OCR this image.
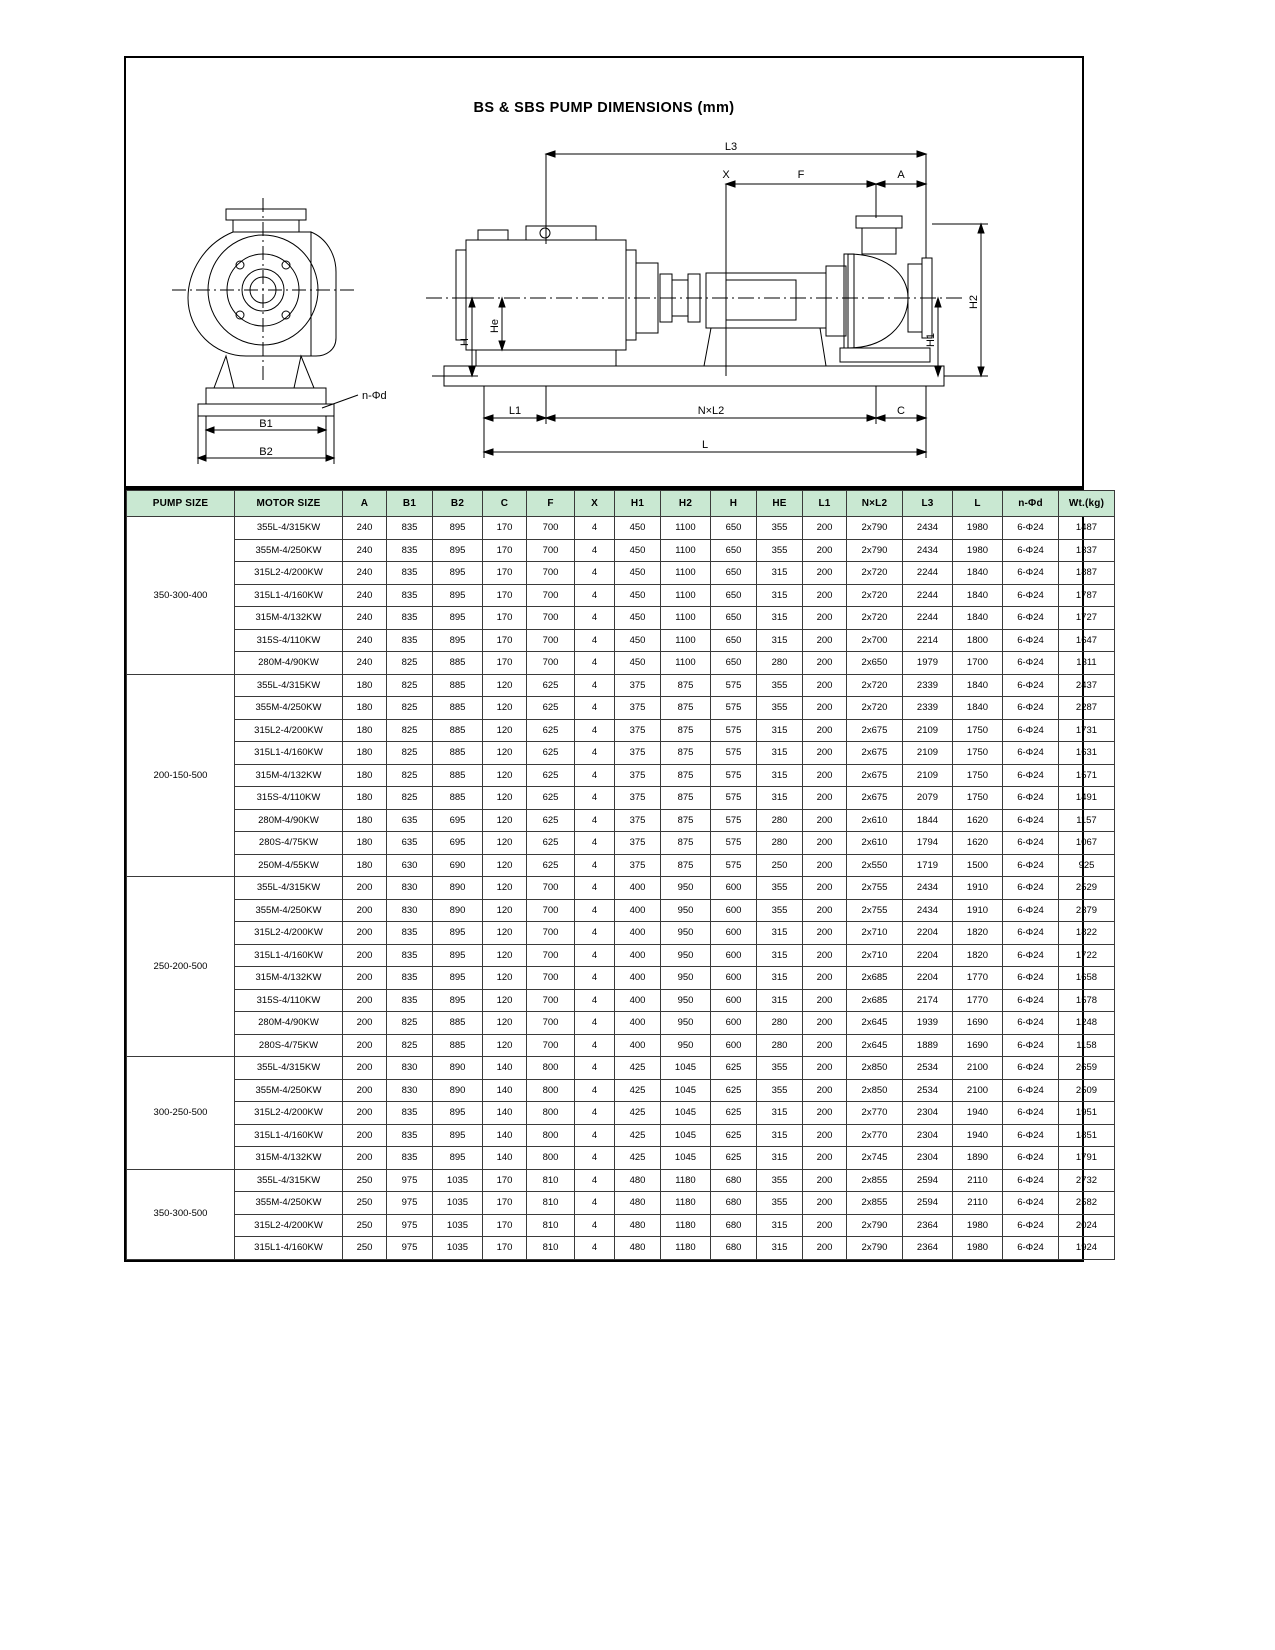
BS & SBS PUMP DIMENSIONS (mm)
L3
X	F	A
H2
H1
H
He
L1	N×L2	C
L
B1
B2
n-Φd
PUMP SIZE	MOTOR SIZE	A	B1	B2	C	F	X	H1	H2	H	HE	L1	N×L2	L3	L	n-Φd	Wt.(kg)
350-300-400	355L-4/315KW	240	835	895	170	700	4	450	1100	650	355	200	2x790	2434	1980	6-Φ24	1487
	355M-4/250KW	240	835	895	170	700	4	450	1100	650	355	200	2x790	2434	1980	6-Φ24	1337
	315L2-4/200KW	240	835	895	170	700	4	450	1100	650	315	200	2x720	2244	1840	6-Φ24	1887
	315L1-4/160KW	240	835	895	170	700	4	450	1100	650	315	200	2x720	2244	1840	6-Φ24	1787
	315M-4/132KW	240	835	895	170	700	4	450	1100	650	315	200	2x720	2244	1840	6-Φ24	1727
	315S-4/110KW	240	835	895	170	700	4	450	1100	650	315	200	2x700	2214	1800	6-Φ24	1647
	280M-4/90KW	240	825	885	170	700	4	450	1100	650	280	200	2x650	1979	1700	6-Φ24	1311
200-150-500	355L-4/315KW	180	825	885	120	625	4	375	875	575	355	200	2x720	2339	1840	6-Φ24	2437
	355M-4/250KW	180	825	885	120	625	4	375	875	575	355	200	2x720	2339	1840	6-Φ24	2287
	315L2-4/200KW	180	825	885	120	625	4	375	875	575	315	200	2x675	2109	1750	6-Φ24	1731
	315L1-4/160KW	180	825	885	120	625	4	375	875	575	315	200	2x675	2109	1750	6-Φ24	1631
	315M-4/132KW	180	825	885	120	625	4	375	875	575	315	200	2x675	2109	1750	6-Φ24	1571
	315S-4/110KW	180	825	885	120	625	4	375	875	575	315	200	2x675	2079	1750	6-Φ24	1491
	280M-4/90KW	180	635	695	120	625	4	375	875	575	280	200	2x610	1844	1620	6-Φ24	1157
	280S-4/75KW	180	635	695	120	625	4	375	875	575	280	200	2x610	1794	1620	6-Φ24	1067
	250M-4/55KW	180	630	690	120	625	4	375	875	575	250	200	2x550	1719	1500	6-Φ24	925
250-200-500	355L-4/315KW	200	830	890	120	700	4	400	950	600	355	200	2x755	2434	1910	6-Φ24	2529
	355M-4/250KW	200	830	890	120	700	4	400	950	600	355	200	2x755	2434	1910	6-Φ24	2379
	315L2-4/200KW	200	835	895	120	700	4	400	950	600	315	200	2x710	2204	1820	6-Φ24	1822
	315L1-4/160KW	200	835	895	120	700	4	400	950	600	315	200	2x710	2204	1820	6-Φ24	1722
	315M-4/132KW	200	835	895	120	700	4	400	950	600	315	200	2x685	2204	1770	6-Φ24	1658
	315S-4/110KW	200	835	895	120	700	4	400	950	600	315	200	2x685	2174	1770	6-Φ24	1578
	280M-4/90KW	200	825	885	120	700	4	400	950	600	280	200	2x645	1939	1690	6-Φ24	1248
	280S-4/75KW	200	825	885	120	700	4	400	950	600	280	200	2x645	1889	1690	6-Φ24	1158
300-250-500	355L-4/315KW	200	830	890	140	800	4	425	1045	625	355	200	2x850	2534	2100	6-Φ24	2659
	355M-4/250KW	200	830	890	140	800	4	425	1045	625	355	200	2x850	2534	2100	6-Φ24	2509
	315L2-4/200KW	200	835	895	140	800	4	425	1045	625	315	200	2x770	2304	1940	6-Φ24	1951
	315L1-4/160KW	200	835	895	140	800	4	425	1045	625	315	200	2x770	2304	1940	6-Φ24	1851
	315M-4/132KW	200	835	895	140	800	4	425	1045	625	315	200	2x745	2304	1890	6-Φ24	1791
350-300-500	355L-4/315KW	250	975	1035	170	810	4	480	1180	680	355	200	2x855	2594	2110	6-Φ24	2732
	355M-4/250KW	250	975	1035	170	810	4	480	1180	680	355	200	2x855	2594	2110	6-Φ24	2582
	315L2-4/200KW	250	975	1035	170	810	4	480	1180	680	315	200	2x790	2364	1980	6-Φ24	2024
	315L1-4/160KW	250	975	1035	170	810	4	480	1180	680	315	200	2x790	2364	1980	6-Φ24	1924
